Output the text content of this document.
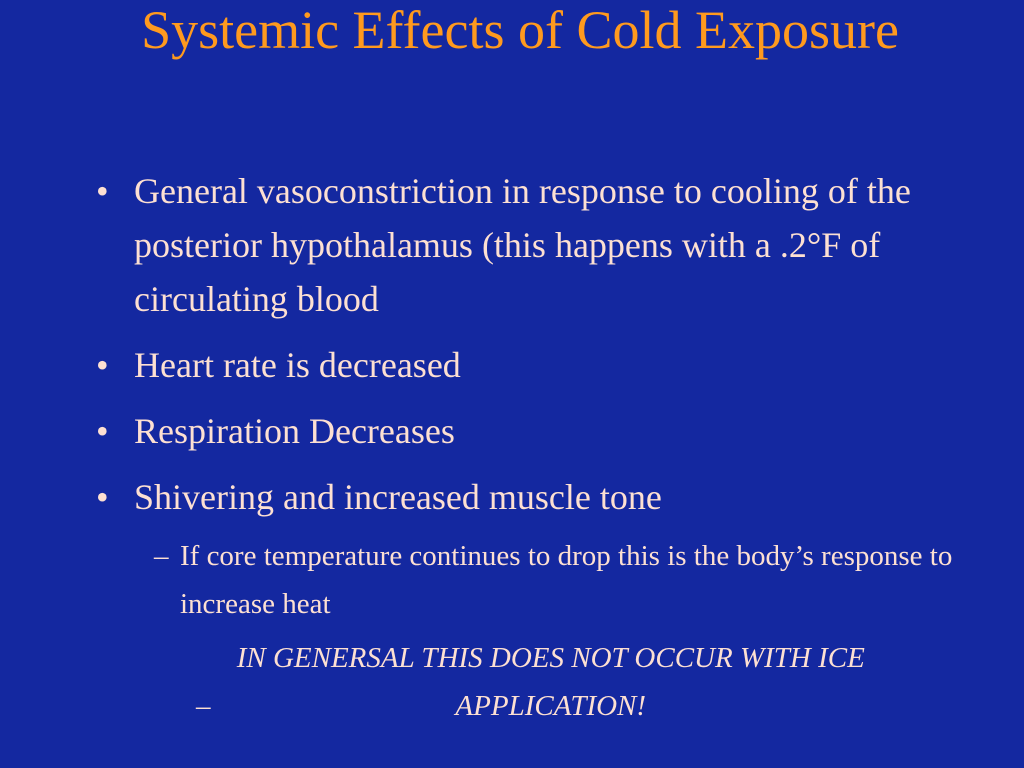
Systemic Effects of Cold Exposure
• General vasoconstriction in response to cooling of the posterior hypothalamus (this happens with a .2°F of circulating blood
• Heart rate is decreased
• Respiration Decreases
• Shivering and increased muscle tone
– If core temperature continues to drop this is the body’s response to increase heat
– IN GENERSAL THIS DOES NOT OCCUR WITH ICE APPLICATION!
